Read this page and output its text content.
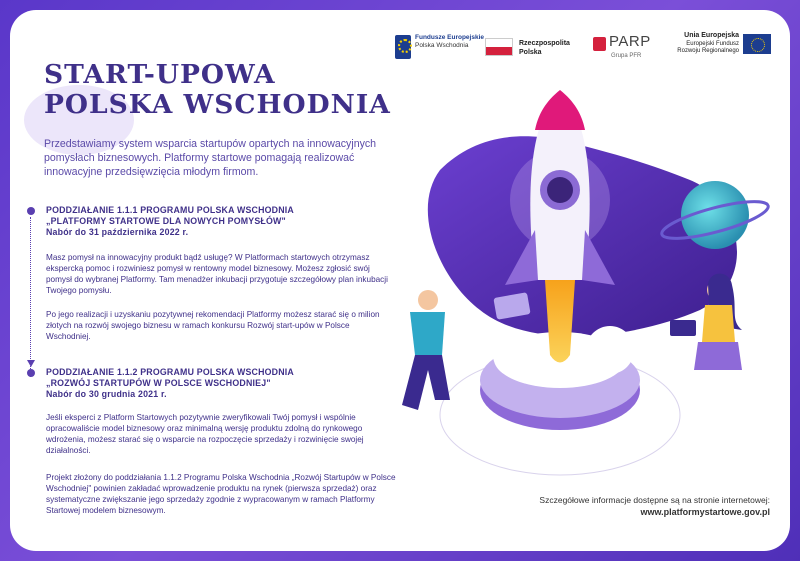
Fundusze Europejskie
Polska Wschodnia	Rzeczpospolita Polska
PARP
Grupa PFR
Unia Europejska
Europejski Fundusz Rozwoju Regionalnego
START-UPOWA
POLSKA WSCHODNIA
Przedstawiamy system wsparcia startupów opartych na innowacyjnych pomysłach biznesowych. Platformy startowe pomagają realizować innowacyjne przedsięwzięcia młodym firmom.
PODDZIAŁANIE 1.1.1 PROGRAMU POLSKA WSCHODNIA
„PLATFORMY STARTOWE DLA NOWYCH POMYSŁÓW"
Nabór do 31 października 2022 r.
Masz pomysł na innowacyjny produkt bądź usługę? W Platformach startowych otrzymasz ekspercką pomoc i rozwiniesz pomysł w rentowny model biznesowy. Możesz zgłosić swój pomysł do wybranej Platformy. Tam menadżer inkubacji przygotuje szczegółowy plan inkubacji Twojego pomysłu.
Po jego realizacji i uzyskaniu pozytywnej rekomendacji Platformy możesz starać się o milion złotych na rozwój swojego biznesu w ramach konkursu Rozwój start-upów w Polsce Wschodniej.
PODDZIAŁANIE 1.1.2 PROGRAMU POLSKA WSCHODNIA
„ROZWÓJ STARTUPÓW W POLSCE WSCHODNIEJ"
Nabór do 30 grudnia 2021 r.
Jeśli eksperci z Platform Startowych pozytywnie zweryfikowali Twój pomysł i wspólnie opracowaliście model biznesowy oraz minimalną wersję produktu zdolną do rynkowego wdrożenia, możesz starać się o wsparcie na rozpoczęcie sprzedaży i rozwinięcie swojej działalności.
Projekt złożony do poddziałania 1.1.2 Programu Polska Wschodnia „Rozwój Startupów w Polsce Wschodniej" powinien zakładać wprowadzenie produktu na rynek (pierwsza sprzedaż) oraz systematyczne zwiększanie jego sprzedaży zgodnie z wypracowanym w ramach Platformy Startowej modelem biznesowym.
Szczegółowe informacje dostępne są na stronie internetowej:
www.platformystartowe.gov.pl
